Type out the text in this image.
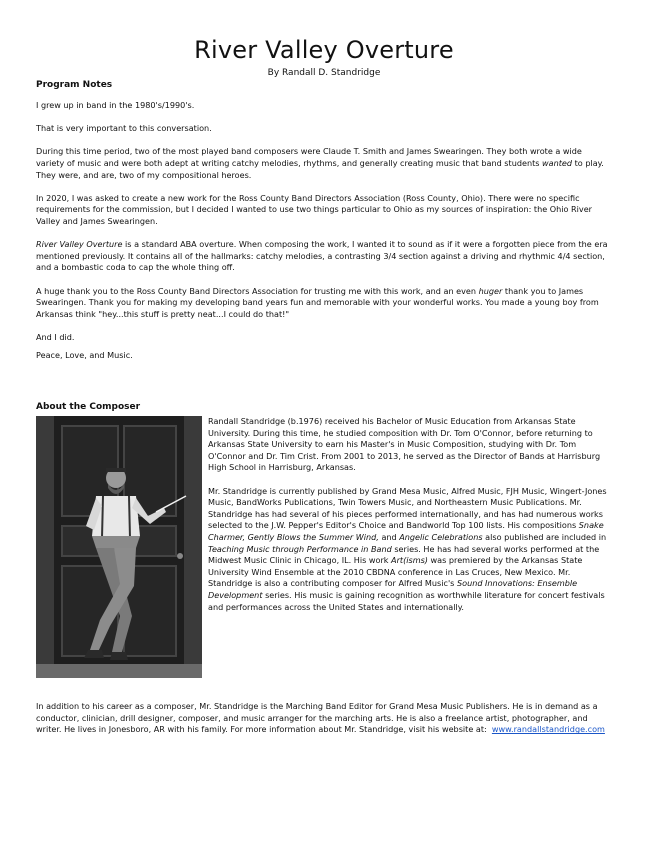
River Valley Overture
By Randall D. Standridge
Program Notes

I grew up in band in the 1980's/1990's.

That is very important to this conversation.

During this time period, two of the most played band composers were Claude T. Smith and James Swearingen. They both wrote a wide variety of music and were both adept at writing catchy melodies, rhythms, and generally creating music that band students wanted to play. They were, and are, two of my compositional heroes.

In 2020, I was asked to create a new work for the Ross County Band Directors Association (Ross County, Ohio). There were no specific requirements for the commission, but I decided I wanted to use two things particular to Ohio as my sources of inspiration: the Ohio River Valley and James Swearingen.

River Valley Overture is a standard ABA overture. When composing the work, I wanted it to sound as if it were a forgotten piece from the era mentioned previously. It contains all of the hallmarks: catchy melodies, a contrasting 3/4 section against a driving and rhythmic 4/4 section, and a bombastic coda to cap the whole thing off.

A huge thank you to the Ross County Band Directors Association for trusting me with this work, and an even huger thank you to James Swearingen. Thank you for making my developing band years fun and memorable with your wonderful works. You made a young boy from Arkansas think "hey...this stuff is pretty neat...I could do that!"

And I did.

Peace, Love, and Music.

About the Composer

Randall Standridge (b.1976) received his Bachelor of Music Education from Arkansas State University. During this time, he studied composition with Dr. Tom O'Connor, before returning to Arkansas State University to earn his Master's in Music Composition, studying with Dr. Tom O'Connor and Dr. Tim Crist. From 2001 to 2013, he served as the Director of Bands at Harrisburg High School in Harrisburg, Arkansas.

Mr. Standridge is currently published by Grand Mesa Music, Alfred Music, FJH Music, Wingert-Jones Music, BandWorks Publications, Twin Towers Music, and Northeastern Music Publications. Mr. Standridge has had several of his pieces performed internationally, and has had numerous works selected to the J.W. Pepper's Editor's Choice and Bandworld Top 100 lists. His compositions Snake Charmer, Gently Blows the Summer Wind, and Angelic Celebrations also published are included in Teaching Music through Performance in Band series. He has had several works performed at the Midwest Music Clinic in Chicago, IL. His work Art(isms) was premiered by the Arkansas State University Wind Ensemble at the 2010 CBDNA conference in Las Cruces, New Mexico. Mr. Standridge is also a contributing composer for Alfred Music's Sound Innovations: Ensemble Development series. His music is gaining recognition as worthwhile literature for concert festivals and performances across the United States and internationally.

In addition to his career as a composer, Mr. Standridge is the Marching Band Editor for Grand Mesa Music Publishers. He is in demand as a conductor, clinician, drill designer, composer, and music arranger for the marching arts. He is also a freelance artist, photographer, and writer. He lives in Jonesboro, AR with his family. For more information about Mr. Standridge, visit his website at: www.randallstandridge.com
